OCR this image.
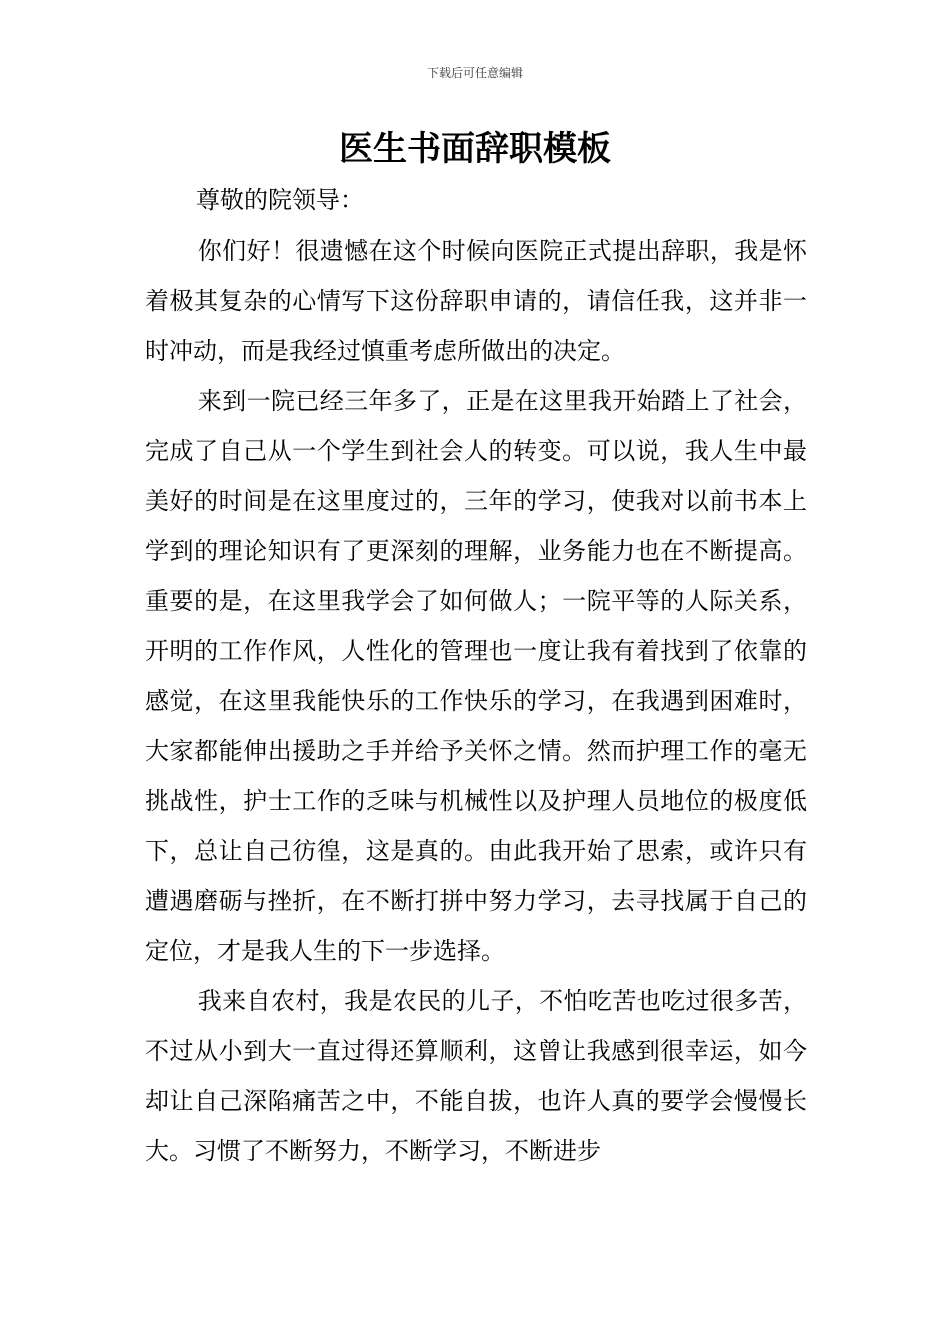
下载后可任意编辑
医生书面辞职模板
尊敬的院领导：

你们好！很遗憾在这个时候向医院正式提出辞职，我是怀着极其复杂的心情写下这份辞职申请的，请信任我，这并非一时冲动，而是我经过慎重考虑所做出的决定。

来到一院已经三年多了，正是在这里我开始踏上了社会，完成了自己从一个学生到社会人的转变。可以说，我人生中最美好的时间是在这里度过的，三年的学习，使我对以前书本上学到的理论知识有了更深刻的理解，业务能力也在不断提高。重要的是，在这里我学会了如何做人；一院平等的人际关系，开明的工作作风，人性化的管理也一度让我有着找到了依靠的感觉，在这里我能快乐的工作快乐的学习，在我遇到困难时，大家都能伸出援助之手并给予关怀之情。然而护理工作的毫无挑战性，护士工作的乏味与机械性以及护理人员地位的极度低下，总让自己彷徨，这是真的。由此我开始了思索，或许只有遭遇磨砺与挫折，在不断打拼中努力学习，去寻找属于自己的定位，才是我人生的下一步选择。

我来自农村，我是农民的儿子，不怕吃苦也吃过很多苦，不过从小到大一直过得还算顺利，这曾让我感到很幸运，如今却让自己深陷痛苦之中，不能自拔，也许人真的要学会慢慢长大。习惯了不断努力，不断学习，不断进步
